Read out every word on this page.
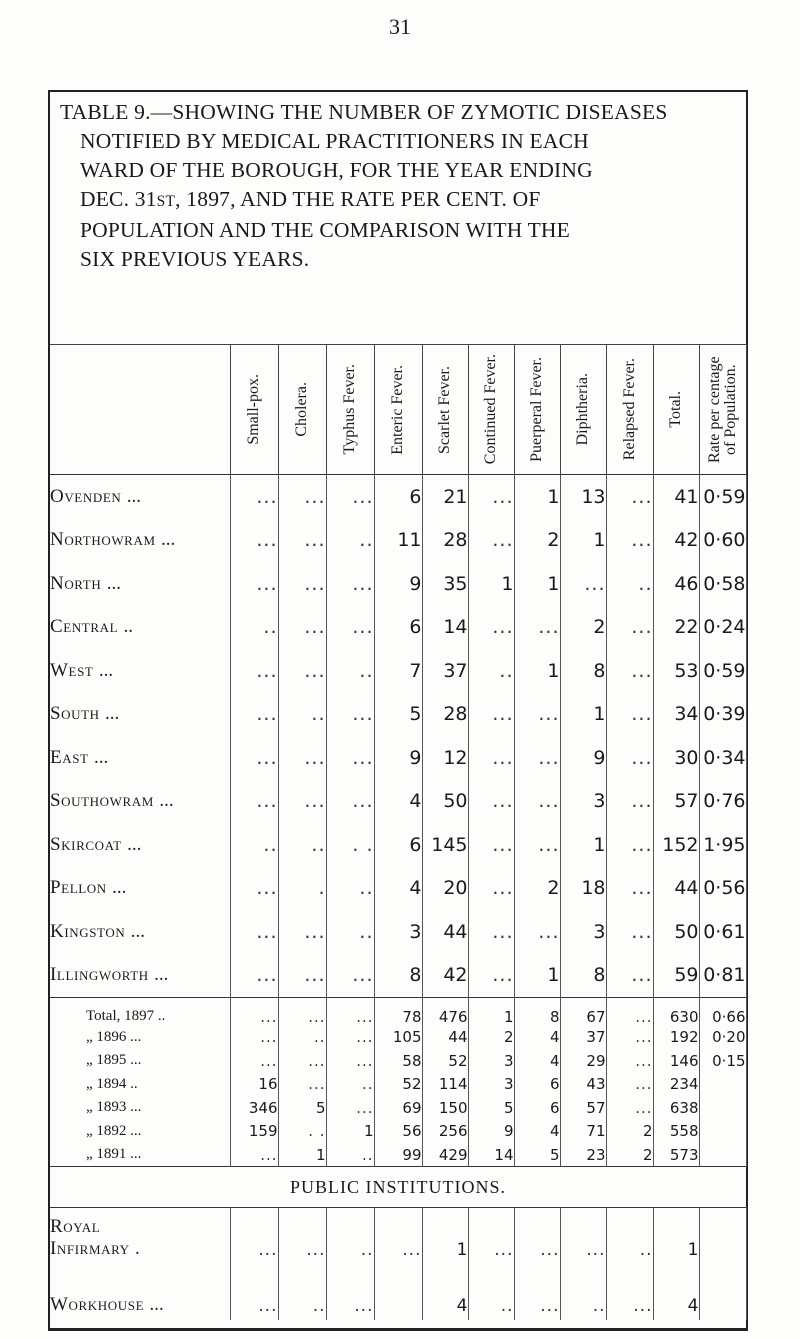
31
TABLE 9.—SHOWING THE NUMBER OF ZYMOTIC DISEASES
NOTIFIED BY MEDICAL PRACTITIONERS IN EACH
WARD OF THE BOROUGH, FOR THE YEAR ENDING
DEC. 31ST, 1897, AND THE RATE PER CENT. OF
POPULATION AND THE COMPARISON WITH THE
SIX PREVIOUS YEARS.

	Small-pox.	Cholera.	Typhus Fever.	Enteric Fever.	Scarlet Fever.	Continued Fever.	Puerperal Fever.	Diphtheria.	Relapsed Fever.	Total.	Rate per centage of Population.

Ovenden ...	...	...	...	6	21	...	1	13	...	41	0·59
Northowram ...	...	...	..	11	28	...	2	1	...	42	0·60
North ...	...	...	...	9	35	1	1	...	..	46	0·58
Central ..	..	...	...	6	14	...	...	2	...	22	0·24
West ...	...	...	..	7	37	..	1	8	...	53	0·59
South ...	...	..	...	5	28	...	...	1	...	34	0·39
East ...	...	...	...	9	12	...	...	9	...	30	0·34
Southowram ...	...	...	...	4	50	...	...	3	...	57	0·76
Skircoat ...	..	..	. .	6	145	...	...	1	...	152	1·95
Pellon ...	...	.	..	4	20	...	2	18	...	44	0·56
Kingston ...	...	...	..	3	44	...	...	3	...	50	0·61
Illingworth ...	...	...	...	8	42	...	1	8	...	59	0·81

Total, 1897 ..	...	...	...	78	476	1	8	67	...	630	0·66
„ 1896 ...	...	..	...	105	44	2	4	37	...	192	0·20
„ 1895 ...	...	...	...	58	52	3	4	29	...	146	0·15
„ 1894 ..	16	...	..	52	114	3	6	43	...	234	
„ 1893 ...	346	5	...	69	150	5	6	57	...	638	
„ 1892 ...	159	. .	1	56	256	9	4	71	2	558	
„ 1891 ...	...	1	..	99	429	14	5	23	2	573	
PUBLIC INSTITUTIONS.											
Royal
Infirmary .	...	...	..	...	1	...	...	...	..	1	
Workhouse ...	...	..	...		4	..	...	..	...	4	
